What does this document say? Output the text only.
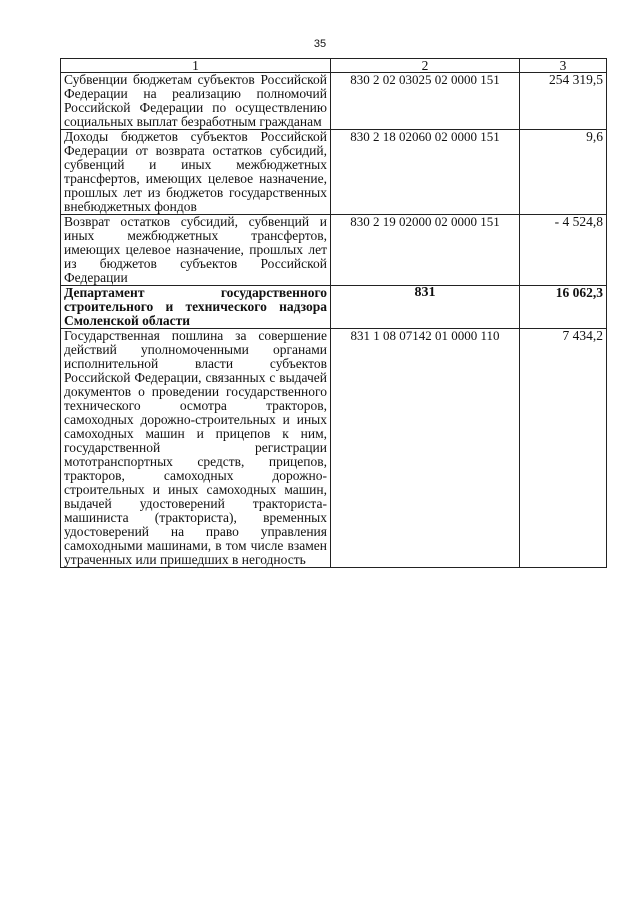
35
1	2	3
Субвенции бюджетам субъектов Российской Федерации на реализацию полномочий Российской Федерации по осуществлению социальных выплат безработным гражданам	830 2 02 03025 02 0000 151	254 319,5
Доходы бюджетов субъектов Российской Федерации от возврата остатков субсидий, субвенций и иных межбюджетных трансфертов, имеющих целевое назначение, прошлых лет из бюджетов государственных внебюджетных фондов	830 2 18 02060 02 0000 151	9,6
Возврат остатков субсидий, субвенций и иных межбюджетных трансфертов, имеющих целевое назначение, прошлых лет из бюджетов субъектов Российской Федерации	830 2 19 02000 02 0000 151	- 4 524,8
Департамент государственного строительного и технического надзора Смоленской области	831	16 062,3
Государственная пошлина за совершение действий уполномоченными органами исполнительной власти субъектов Российской Федерации, связанных с выдачей документов о проведении государственного технического осмотра тракторов, самоходных дорожно-строительных и иных самоходных машин и прицепов к ним, государственной регистрации мототранспортных средств, прицепов, тракторов, самоходных дорожно-строительных и иных самоходных машин, выдачей удостоверений тракториста-машиниста (тракториста), временных удостоверений на право управления самоходными машинами, в том числе взамен утраченных или пришедших в негодность	831 1 08 07142 01 0000 110	7 434,2
